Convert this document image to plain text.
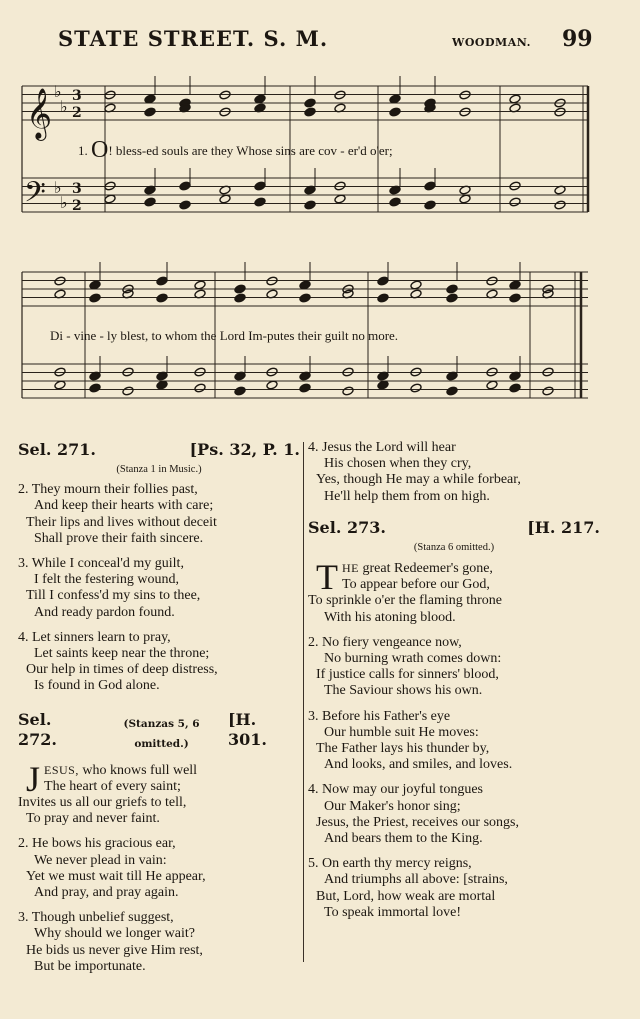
STATE STREET. S. M.	WOODMAN. 99
𝄞
𝄢
♭
♭
♭
♭
3
2
3
2
1. O! bless-ed souls are they Whose sins are cov - er'd o'er;
Di - vine - ly blest, to whom the Lord Im-putes their guilt no more.
Sel. 271.	[Ps. 32, P. 1.
(Stanza 1 in Music.)
2. They mourn their follies past,
And keep their hearts with care;
Their lips and lives without deceit
Shall prove their faith sincere.
3. While I conceal'd my guilt,
I felt the festering wound,
Till I confess'd my sins to thee,
And ready pardon found.
4. Let sinners learn to pray,
Let saints keep near the throne;
Our help in times of deep distress,
Is found in God alone.
Sel. 272.
(Stanzas 5, 6 omitted.)
[H. 301.
J ESUS, who knows full well
The heart of every saint;
Invites us all our griefs to tell,
To pray and never faint.
2. He bows his gracious ear,
We never plead in vain:
Yet we must wait till He appear,
And pray, and pray again.
3. Though unbelief suggest,
Why should we longer wait?
He bids us never give Him rest,
But be importunate.
4. Jesus the Lord will hear
His chosen when they cry,
Yes, though He may a while forbear,
He'll help them from on high.
Sel. 273.	[H. 217.
(Stanza 6 omitted.)
T HE great Redeemer's gone,
To appear before our God,
To sprinkle o'er the flaming throne
With his atoning blood.
2. No fiery vengeance now,
No burning wrath comes down:
If justice calls for sinners' blood,
The Saviour shows his own.
3. Before his Father's eye
Our humble suit He moves:
The Father lays his thunder by,
And looks, and smiles, and loves.
4. Now may our joyful tongues
Our Maker's honor sing;
Jesus, the Priest, receives our songs,
And bears them to the King.
5. On earth thy mercy reigns,
And triumphs all above: [strains,
But, Lord, how weak are mortal
To speak immortal love!
